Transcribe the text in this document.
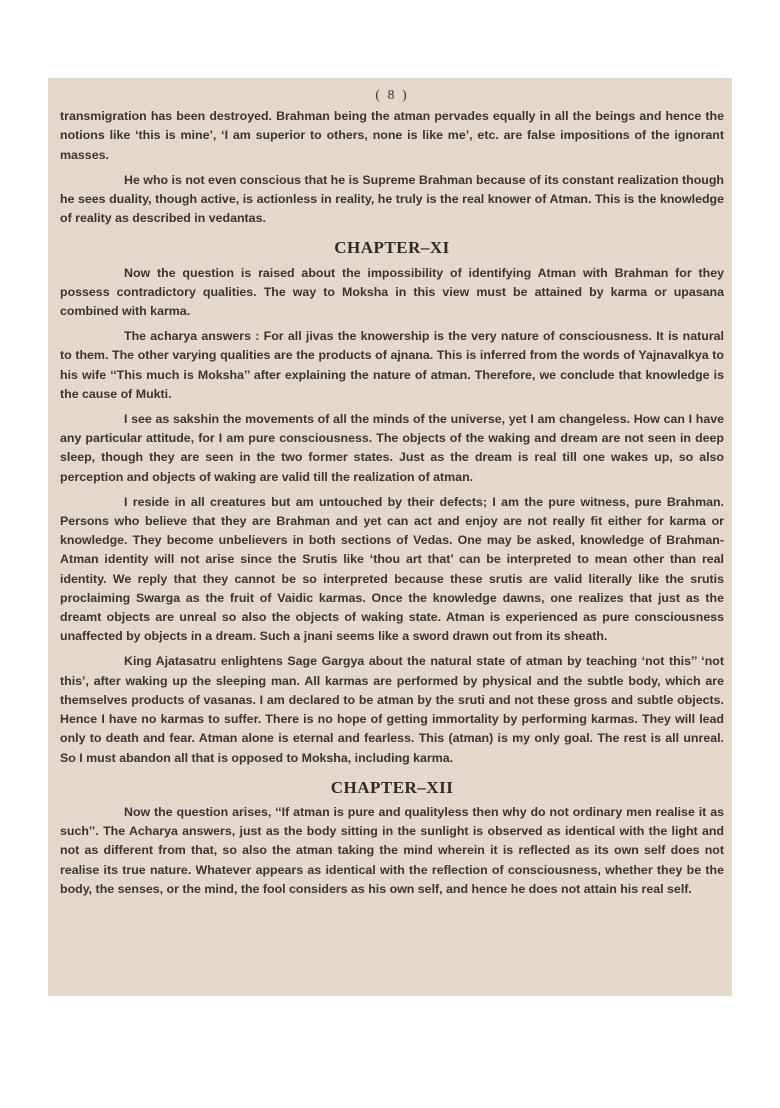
( 8 )

transmigration has been destroyed. Brahman being the atman pervades equally in all the beings and hence the notions like ‘this is mine’, ‘I am superior to others, none is like me’, etc. are false impositions of the ignorant masses.

He who is not even conscious that he is Supreme Brahman because of its constant realization though he sees duality, though active, is actionless in reality, he truly is the real knower of Atman. This is the knowledge of reality as described in vedantas.

CHAPTER–XI

Now the question is raised about the impossibility of identifying Atman with Brahman for they possess contradictory qualities. The way to Moksha in this view must be attained by karma or upasana combined with karma.

The acharya answers : For all jivas the knowership is the very nature of consciousness. It is natural to them. The other varying qualities are the products of ajnana. This is inferred from the words of Yajnavalkya to his wife ‘‘This much is Moksha’’ after explaining the nature of atman. Therefore, we conclude that knowledge is the cause of Mukti.

I see as sakshin the movements of all the minds of the universe, yet I am changeless. How can I have any particular attitude, for I am pure consciousness. The objects of the waking and dream are not seen in deep sleep, though they are seen in the two former states. Just as the dream is real till one wakes up, so also perception and objects of waking are valid till the realization of atman.

I reside in all creatures but am untouched by their defects; I am the pure witness, pure Brahman. Persons who believe that they are Brahman and yet can act and enjoy are not really fit either for karma or knowledge. They become unbelievers in both sections of Vedas. One may be asked, knowledge of Brahman-Atman identity will not arise since the Srutis like ‘thou art that’ can be interpreted to mean other than real identity. We reply that they cannot be so interpreted because these srutis are valid literally like the srutis proclaiming Swarga as the fruit of Vaidic karmas. Once the knowledge dawns, one realizes that just as the dreamt objects are unreal so also the objects of waking state. Atman is experienced as pure consciousness unaffected by objects in a dream. Such a jnani seems like a sword drawn out from its sheath.

King Ajatasatru enlightens Sage Gargya about the natural state of atman by teaching ‘not this’’ ‘not this’, after waking up the sleeping man. All karmas are performed by physical and the subtle body, which are themselves products of vasanas. I am declared to be atman by the sruti and not these gross and subtle objects. Hence I have no karmas to suffer. There is no hope of getting immortality by performing karmas. They will lead only to death and fear. Atman alone is eternal and fearless. This (atman) is my only goal. The rest is all unreal. So I must abandon all that is opposed to Moksha, including karma.

CHAPTER–XII

Now the question arises, ‘‘If atman is pure and qualityless then why do not ordinary men realise it as such’’. The Acharya answers, just as the body sitting in the sunlight is observed as identical with the light and not as different from that, so also the atman taking the mind wherein it is reflected as its own self does not realise its true nature. Whatever appears as identical with the reflection of consciousness, whether they be the body, the senses, or the mind, the fool considers as his own self, and hence he does not attain his real self.
